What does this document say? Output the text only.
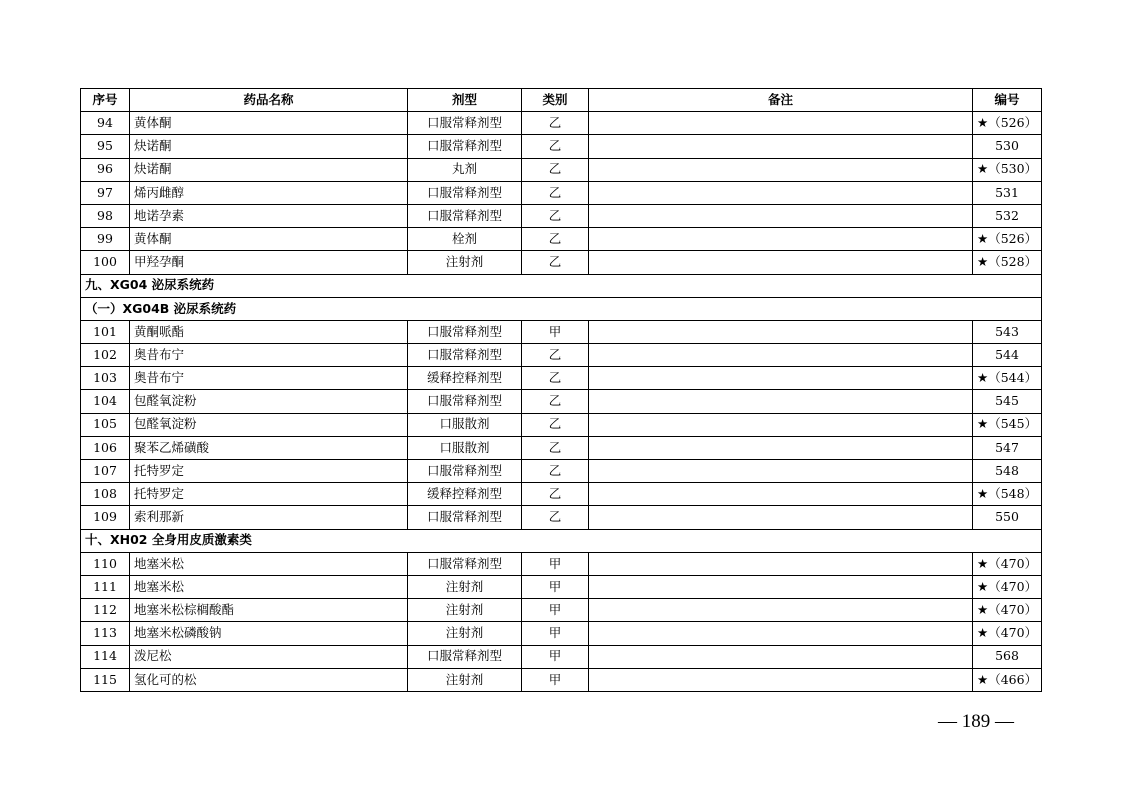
序号	药品名称	剂型	类别	备注	编号
94	黄体酮	口服常释剂型	乙		★（526）
95	炔诺酮	口服常释剂型	乙		530
96	炔诺酮	丸剂	乙		★（530）
97	烯丙雌醇	口服常释剂型	乙		531
98	地诺孕素	口服常释剂型	乙		532
99	黄体酮	栓剂	乙		★（526）
100	甲羟孕酮	注射剂	乙		★（528）
九、XG04 泌尿系统药					
（一）XG04B 泌尿系统药					
101	黄酮哌酯	口服常释剂型	甲		543
102	奥昔布宁	口服常释剂型	乙		544
103	奥昔布宁	缓释控释剂型	乙		★（544）
104	包醛氧淀粉	口服常释剂型	乙		545
105	包醛氧淀粉	口服散剂	乙		★（545）
106	聚苯乙烯磺酸	口服散剂	乙		547
107	托特罗定	口服常释剂型	乙		548
108	托特罗定	缓释控释剂型	乙		★（548）
109	索利那新	口服常释剂型	乙		550
十、XH02 全身用皮质激素类					
110	地塞米松	口服常释剂型	甲		★（470）
111	地塞米松	注射剂	甲		★（470）
112	地塞米松棕榈酸酯	注射剂	甲		★（470）
113	地塞米松磷酸钠	注射剂	甲		★（470）
114	泼尼松	口服常释剂型	甲		568
115	氢化可的松	注射剂	甲		★（466）
— 189 —
